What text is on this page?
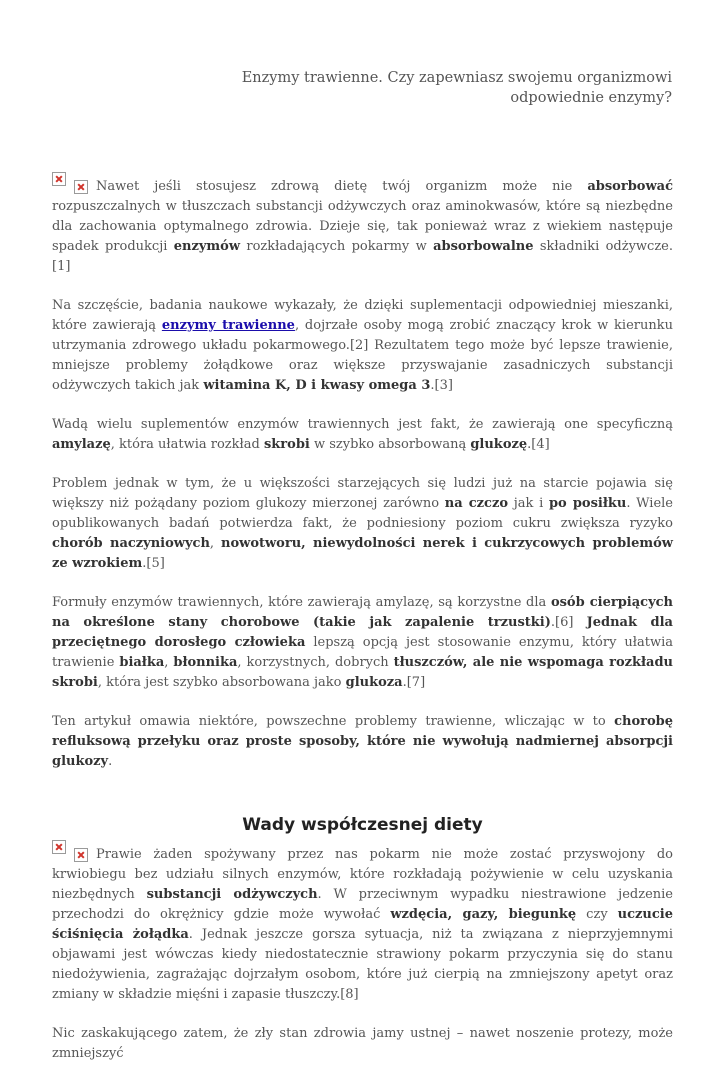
Enzymy trawienne. Czy zapewniasz swojemu organizmowi odpowiednie enzymy?

Nawet jeśli stosujesz zdrową dietę twój organizm może nie absorbować rozpuszczalnych w tłuszczach substancji odżywczych oraz aminokwasów, które są niezbędne dla zachowania optymalnego zdrowia. Dzieje się, tak ponieważ wraz z wiekiem następuje spadek produkcji enzymów rozkładających pokarmy w absorbowalne składniki odżywcze.[1]

Na szczęście, badania naukowe wykazały, że dzięki suplementacji odpowiedniej mieszanki, które zawierają enzymy trawienne, dojrzałe osoby mogą zrobić znaczący krok w kierunku utrzymania zdrowego układu pokarmowego.[2] Rezultatem tego może być lepsze trawienie, mniejsze problemy żołądkowe oraz większe przyswajanie zasadniczych substancji odżywczych takich jak witamina K, D i kwasy omega 3.[3]

Wadą wielu suplementów enzymów trawiennych jest fakt, że zawierają one specyficzną amylazę, która ułatwia rozkład skrobi w szybko absorbowaną glukozę.[4]

Problem jednak w tym, że u większości starzejących się ludzi już na starcie pojawia się większy niż pożądany poziom glukozy mierzonej zarówno na czczo jak i po posiłku. Wiele opublikowanych badań potwierdza fakt, że podniesiony poziom cukru zwiększa ryzyko chorób naczyniowych, nowotworu, niewydolności nerek i cukrzycowych problemów ze wzrokiem.[5]

Formuły enzymów trawiennych, które zawierają amylazę, są korzystne dla osób cierpiących na określone stany chorobowe (takie jak zapalenie trzustki).[6] Jednak dla przeciętnego dorosłego człowieka lepszą opcją jest stosowanie enzymu, który ułatwia trawienie białka, błonnika, korzystnych, dobrych tłuszczów, ale nie wspomaga rozkładu skrobi, która jest szybko absorbowana jako glukoza.[7]

Ten artykuł omawia niektóre, powszechne problemy trawienne, wliczając w to chorobę refluksową przełyku oraz proste sposoby, które nie wywołują nadmiernej absorpcji glukozy.

Wady współczesnej diety

Prawie żaden spożywany przez nas pokarm nie może zostać przyswojony do krwiobiegu bez udziału silnych enzymów, które rozkładają pożywienie w celu uzyskania niezbędnych substancji odżywczych. W przeciwnym wypadku niestrawione jedzenie przechodzi do okrężnicy gdzie może wywołać wzdęcia, gazy, biegunkę czy uczucie ściśnięcia żołądka. Jednak jeszcze gorsza sytuacja, niż ta związana z nieprzyjemnymi objawami jest wówczas kiedy niedostatecznie strawiony pokarm przyczynia się do stanu niedożywienia, zagrażając dojrzałym osobom, które już cierpią na zmniejszony apetyt oraz zmiany w składzie mięśni i zapasie tłuszczy.[8]

Nic zaskakującego zatem, że zły stan zdrowia jamy ustnej – nawet noszenie protezy, może zmniejszyć
